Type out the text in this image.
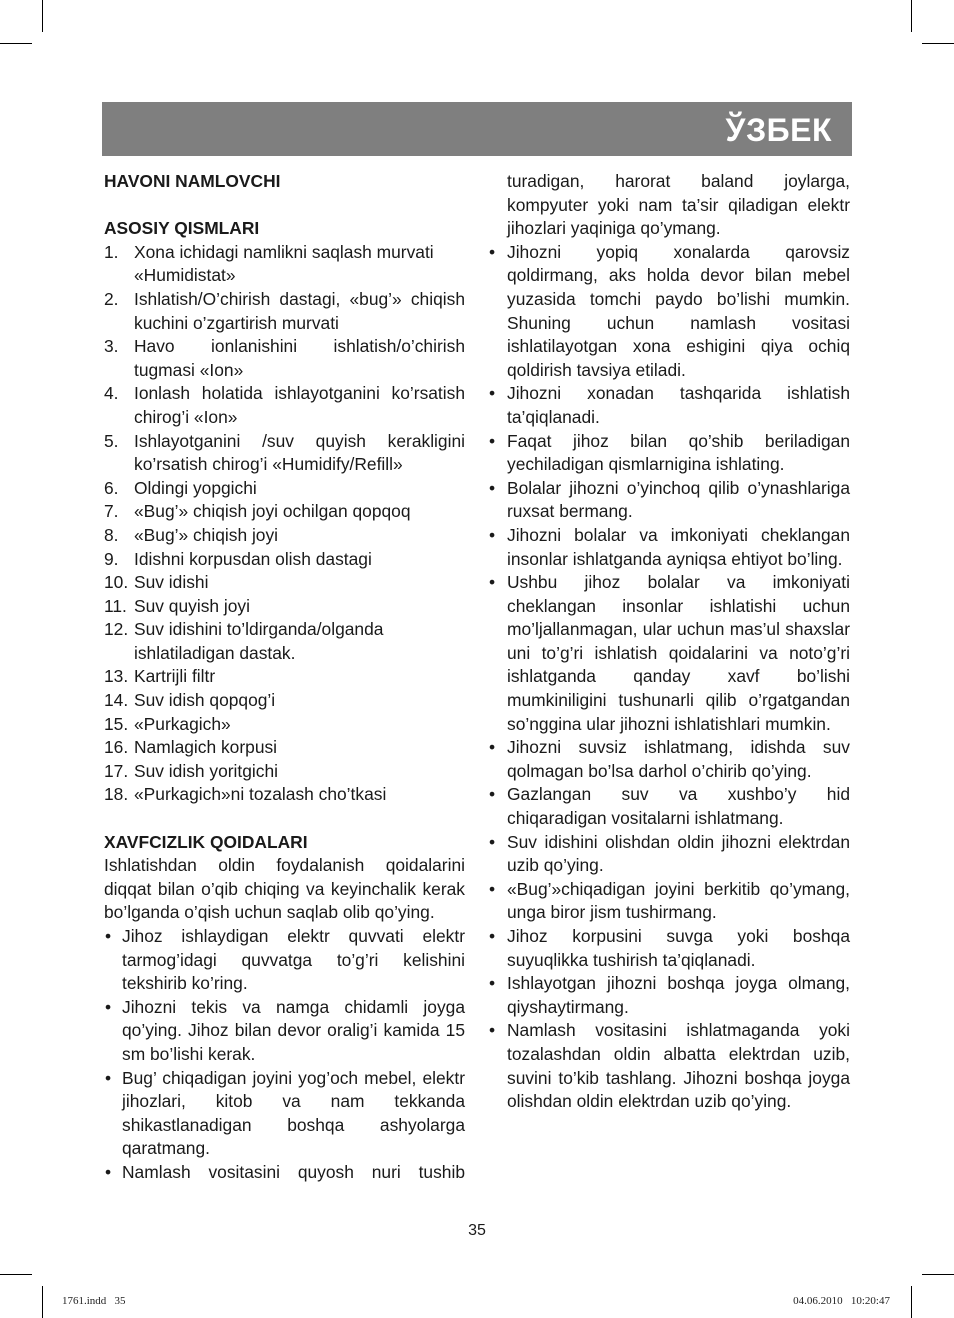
ЎЗБЕК

HAVONI NAMLOVCHI

ASOSIY QISMLARI

1. Xona ichidagi namlikni saqlash murvati «Humidistat»
2. Ishlatish/O’chirish dastagi, «bug’» chiqish kuchini o’zgartirish murvati
3. Havo ionlanishini ishlatish/o’chirish tugmasi «Ion»
4. Ionlash holatida ishlayotganini ko’rsatish chirog’i «Ion»
5. Ishlayotganini /suv quyish kerakligini ko’rsatish chirog’i «Humidify/Refill»
6. Oldingi yopgichi
7. «Bug’» chiqish joyi ochilgan qopqoq
8. «Bug’» chiqish joyi
9. Idishni korpusdan olish dastagi
10. Suv idishi
11. Suv quyish joyi
12. Suv idishini to’ldirganda/olganda ishlatiladigan dastak.
13. Kartrijli filtr
14. Suv idish qopqog’i
15. «Purkagich»
16. Namlagich korpusi
17. Suv idish yoritgichi
18. «Purkagich»ni tozalash cho’tkasi

XAVFCIZLIK QOIDALARI

Ishlatishdan oldin foydalanish qoidalarini diqqat bilan o’qib chiqing va keyinchalik kerak bo’lganda o’qish uchun saqlab olib qo’ying.

• Jihoz ishlaydigan elektr quvvati elektr tarmog’idagi quvvatga to’g’ri kelishini tekshirib ko’ring.
• Jihozni tekis va namga chidamli joyga qo’ying. Jihoz bilan devor oralig’i kamida 15 sm bo’lishi kerak.
• Bug’ chiqadigan joyini yog’och mebel, elektr jihozlari, kitob va nam tekkanda shikastlanadigan boshqa ashyolarga qaratmang.
• Namlash vositasini quyosh nuri tushib

turadigan, harorat baland joylarga, kompyuter yoki nam ta’sir qiladigan elektr jihozlari yaqiniga qo’ymang.

• Jihozni yopiq xonalarda qarovsiz qoldirmang, aks holda devor bilan mebel yuzasida tomchi paydo bo’lishi mumkin. Shuning uchun namlash vositasi ishlatilayotgan xona eshigini qiya ochiq qoldirish tavsiya etiladi.
• Jihozni xonadan tashqarida ishlatish ta’qiqlanadi.
• Faqat jihoz bilan qo’shib beriladigan yechiladigan qismlarnigina ishlating.
• Bolalar jihozni o’yinchoq qilib o’ynashlariga ruxsat bermang.
• Jihozni bolalar va imkoniyati cheklangan insonlar ishlatganda ayniqsa ehtiyot bo’ling.
• Ushbu jihoz bolalar va imkoniyati cheklangan insonlar ishlatishi uchun mo’ljallanmagan, ular uchun mas’ul shaxslar uni to’g’ri ishlatish qoidalarini va noto’g’ri ishlatganda qanday xavf bo’lishi mumkiniligini tushunarli qilib o’rgatgandan so’nggina ular jihozni ishlatishlari mumkin.
• Jihozni suvsiz ishlatmang, idishda suv qolmagan bo’lsa darhol o’chirib qo’ying.
• Gazlangan suv va xushbo’y hid chiqaradigan vositalarni ishlatmang.
• Suv idishini olishdan oldin jihozni elektrdan uzib qo’ying.
• «Bug’»chiqadigan joyini berkitib qo’ymang, unga biror jism tushirmang.
• Jihoz korpusini suvga yoki boshqa suyuqlikka tushirish ta’qiqlanadi.
• Ishlayotgan jihozni boshqa joyga olmang, qiyshaytirmang.
• Namlash vositasini ishlatmaganda yoki tozalashdan oldin albatta elektrdan uzib, suvini to’kib tashlang. Jihozni boshqa joyga olishdan oldin elektrdan uzib qo’ying.
35
1761.indd   35	04.06.2010   10:20:47
